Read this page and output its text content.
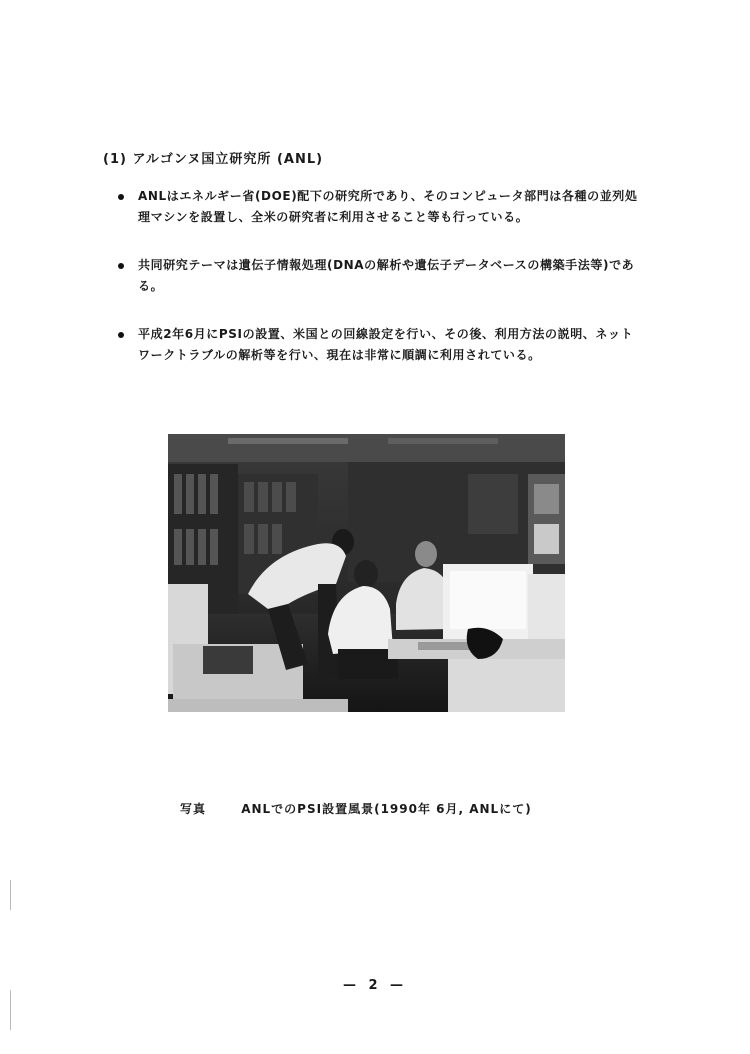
(1) アルゴンヌ国立研究所 (ANL)
ANLはエネルギー省(DOE)配下の研究所であり、そのコンピュータ部門は各種の並列処理マシンを設置し、全米の研究者に利用させること等も行っている。
共同研究テーマは遺伝子情報処理(DNAの解析や遺伝子データベースの構築手法等)である。
平成2年6月にPSIの設置、米国との回線設定を行い、その後、利用方法の説明、ネットワークトラブルの解析等を行い、現在は非常に順調に利用されている。
写真	ANLでのPSI設置風景(1990年 6月, ANLにて)
— 2 —
